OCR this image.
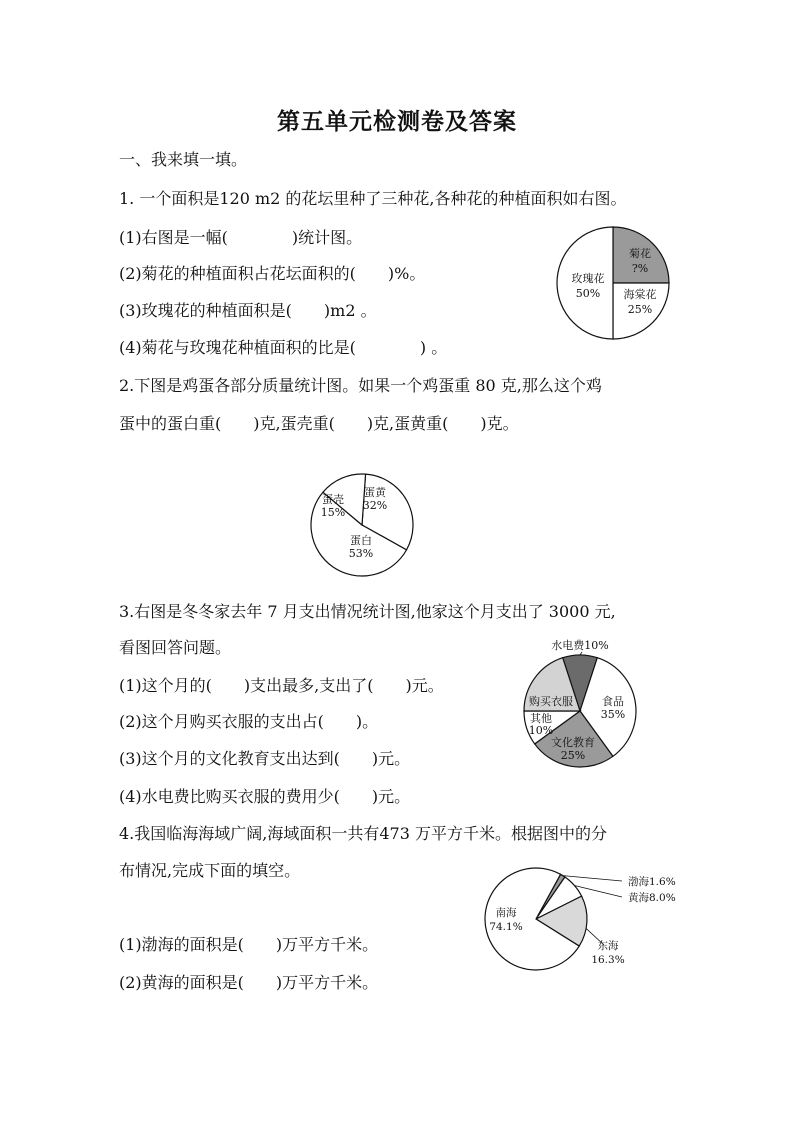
第五单元检测卷及答案
一、我来填一填。
1. 一个面积是120 m2 的花坛里种了三种花,各种花的种植面积如右图。
(1)右图是一幅(　　　　)统计图。
(2)菊花的种植面积占花坛面积的(　　)%。
(3)玫瑰花的种植面积是(　　)m2 。
(4)菊花与玫瑰花种植面积的比是(　　　　) 。
2.下图是鸡蛋各部分质量统计图。如果一个鸡蛋重 80 克,那么这个鸡
蛋中的蛋白重(　　)克,蛋壳重(　　)克,蛋黄重(　　)克。
3.右图是冬冬家去年 7 月支出情况统计图,他家这个月支出了 3000 元,
看图回答问题。
(1)这个月的(　　)支出最多,支出了(　　)元。
(2)这个月购买衣服的支出占(　　)。
(3)这个月的文化教育支出达到(　　)元。
(4)水电费比购买衣服的费用少(　　)元。
4.我国临海海域广阔,海域面积一共有473 万平方千米。根据图中的分
布情况,完成下面的填空。
(1)渤海的面积是(　　)万平方千米。
(2)黄海的面积是(　　)万平方千米。
菊花
?%
海棠花
25%
玫瑰花
50%
蛋黄
32%
蛋白
53%
蛋壳
15%
水电费10%
食品
35%
文化教育
25%
其他
10%
购买衣服
渤海1.6%
黄海8.0%
东海
16.3%
南海
74.1%
